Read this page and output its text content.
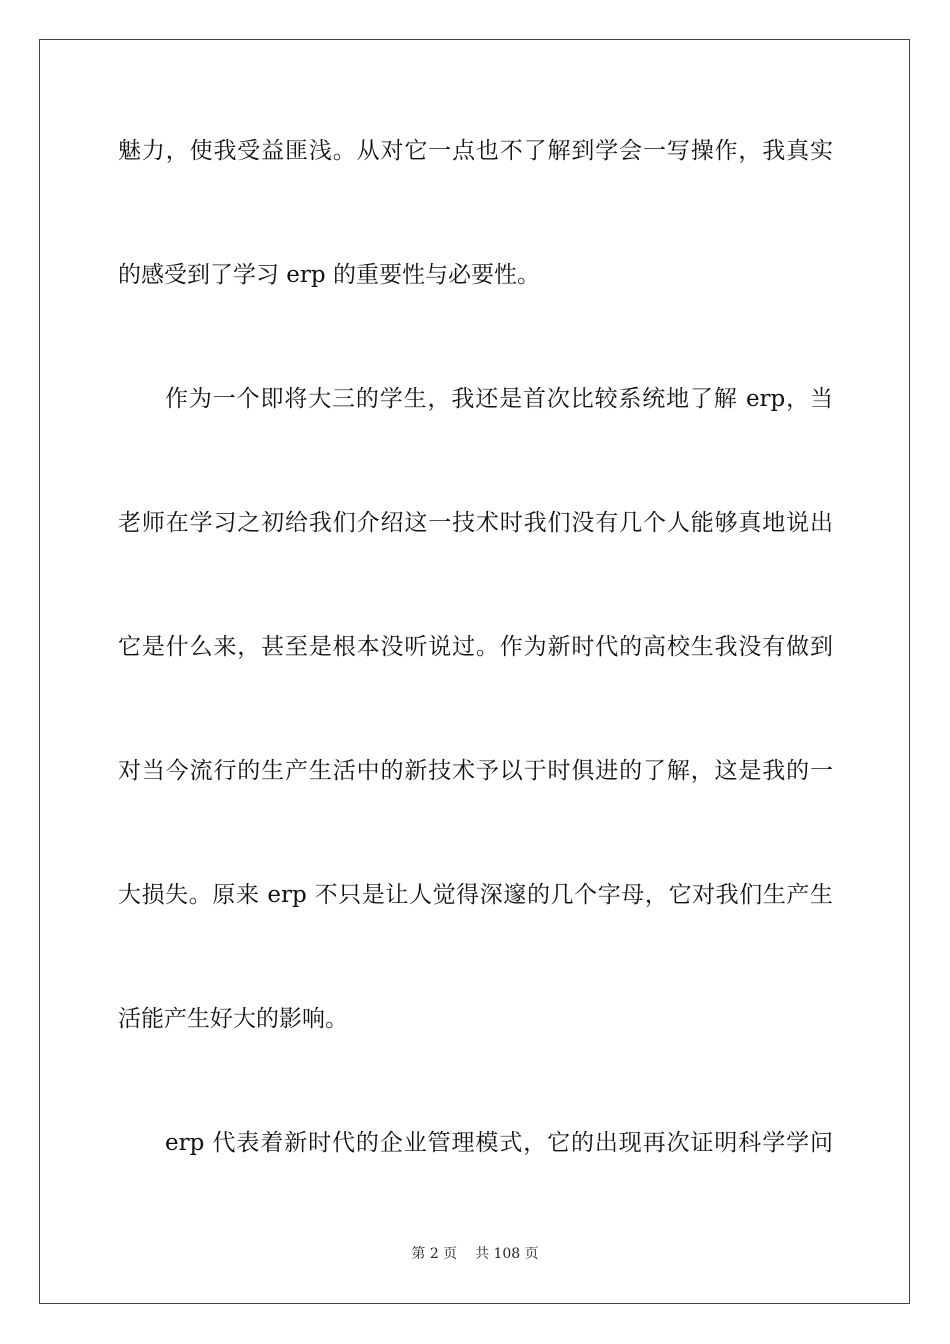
魅力，使我受益匪浅。从对它一点也不了解到学会一写操作，我真实
的感受到了学习 erp 的重要性与必要性。
作为一个即将大三的学生，我还是首次比较系统地了解 erp，当
老师在学习之初给我们介绍这一技术时我们没有几个人能够真地说出
它是什么来，甚至是根本没听说过。作为新时代的高校生我没有做到
对当今流行的生产生活中的新技术予以于时俱进的了解，这是我的一
大损失。原来 erp 不只是让人觉得深邃的几个字母，它对我们生产生
活能产生好大的影响。
erp 代表着新时代的企业管理模式，它的出现再次证明科学学问
第 2 页 共 108 页
